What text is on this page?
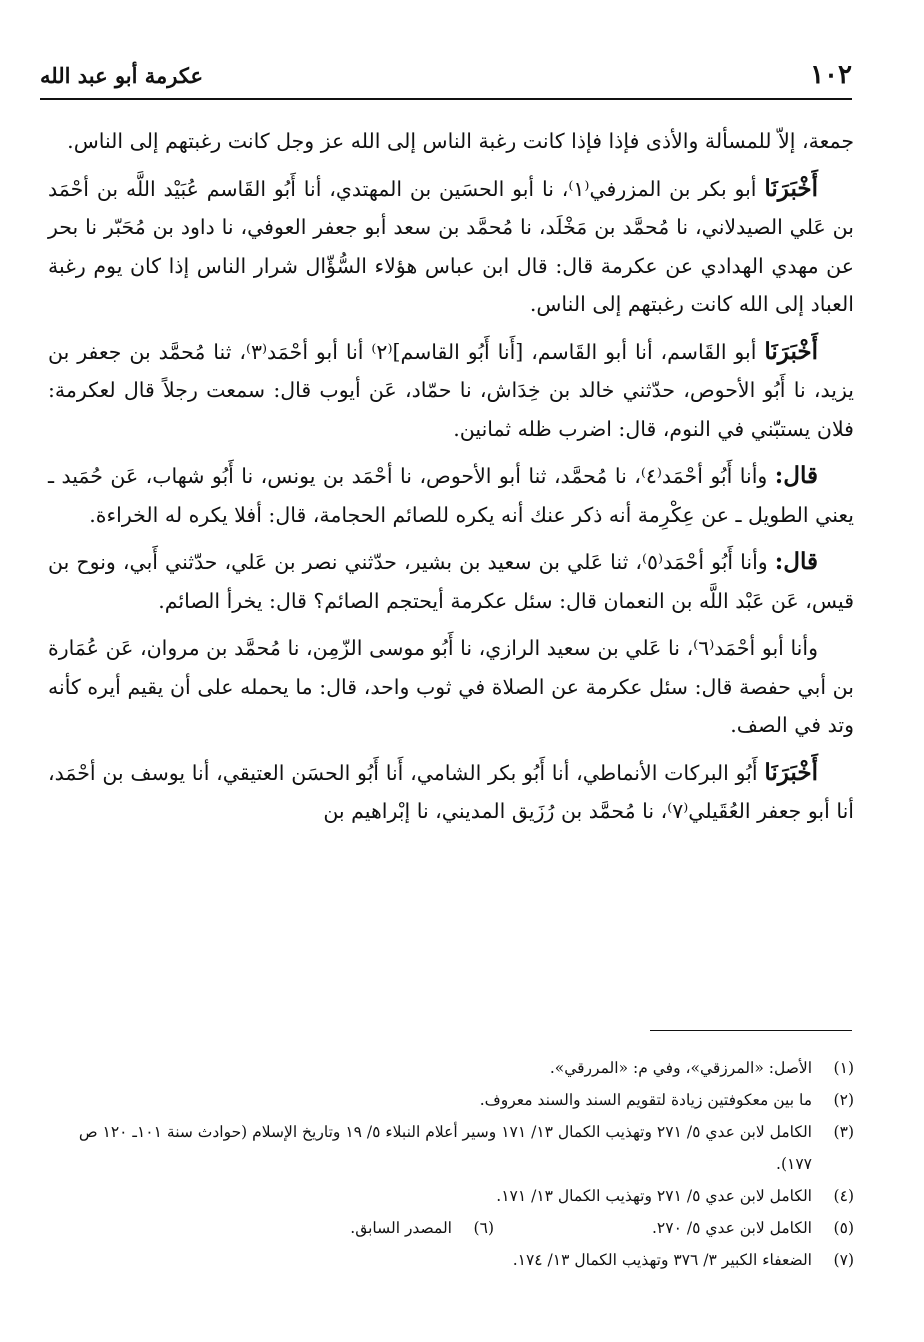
١٠٢
عكرمة أبو عبد الله

جمعة، إلاّ للمسألة والأذى فإذا فإذا كانت رغبة الناس إلى الله عز وجل كانت رغبتهم إلى الناس.

أَخْبَرَنَا أبو بكر بن المزرفي⁽١⁾، نا أبو الحسَين بن المهتدي، أنا أَبُو القَاسم عُبَيْد اللَّه بن أحْمَد بن عَلي الصيدلاني، نا مُحمَّد بن مَخْلَد، نا مُحمَّد بن سعد أبو جعفر العوفي، نا داود بن مُحَبّر نا بحر عن مهدي الهدادي عن عكرمة قال: قال ابن عباس هؤلاء السُّؤّال شرار الناس إذا كان يوم رغبة العباد إلى الله كانت رغبتهم إلى الناس.

أَخْبَرَنَا أبو القَاسم، أنا أبو القَاسم، [أَنا أَبُو القاسم]⁽٢⁾ أنا أبو أحْمَد⁽٣⁾، ثنا مُحمَّد بن جعفر بن يزيد، نا أَبُو الأحوص، حدّثني خالد بن خِدَاش، نا حمّاد، عَن أيوب قال: سمعت رجلاً قال لعكرمة: فلان يستبّني في النوم، قال: اضرب ظله ثمانين.

قال: وأنا أَبُو أحْمَد⁽٤⁾، نا مُحمَّد، ثنا أبو الأحوص، نا أحْمَد بن يونس، نا أَبُو شهاب، عَن حُمَيد ـ يعني الطويل ـ عن عِكْرِمة أنه ذكر عنك أنه يكره للصائم الحجامة، قال: أفلا يكره له الخراءة.

قال: وأنا أَبُو أحْمَد⁽٥⁾، ثنا عَلي بن سعيد بن بشير، حدّثني نصر بن عَلي، حدّثني أَبي، ونوح بن قيس، عَن عَبْد اللَّه بن النعمان قال: سئل عكرمة أيحتجم الصائم؟ قال: يخرأ الصائم.

وأنا أبو أحْمَد⁽٦⁾، نا عَلي بن سعيد الرازي، نا أَبُو موسى الزّمِن، نا مُحمَّد بن مروان، عَن عُمَارة بن أبي حفصة قال: سئل عكرمة عن الصلاة في ثوب واحد، قال: ما يحمله على أن يقيم أيره كأنه وتد في الصف.

أَخْبَرَنَا أَبُو البركات الأنماطي، أنا أَبُو بكر الشامي، أَنا أَبُو الحسَن العتيقي، أنا يوسف بن أحْمَد، أنا أبو جعفر العُقَيلي⁽٧⁾، نا مُحمَّد بن رُزَيق المديني، نا إبْراهيم بن

(١)
الأصل: «المرزقي»، وفي م: «المررقي».
(٢)
ما بين معكوفتين زيادة لتقويم السند والسند معروف.
(٣)
الكامل لابن عدي ٥/ ٢٧١ وتهذيب الكمال ١٣/ ١٧١ وسير أعلام النبلاء ٥/ ١٩ وتاريخ الإسلام (حوادث سنة ١٠١ـ ١٢٠ ص ١٧٧).
(٤)
الكامل لابن عدي ٥/ ٢٧١ وتهذيب الكمال ١٣/ ١٧١.
(٥)
الكامل لابن عدي ٥/ ٢٧٠.
(٦)
المصدر السابق.
(٧)
الضعفاء الكبير ٣/ ٣٧٦ وتهذيب الكمال ١٣/ ١٧٤.
